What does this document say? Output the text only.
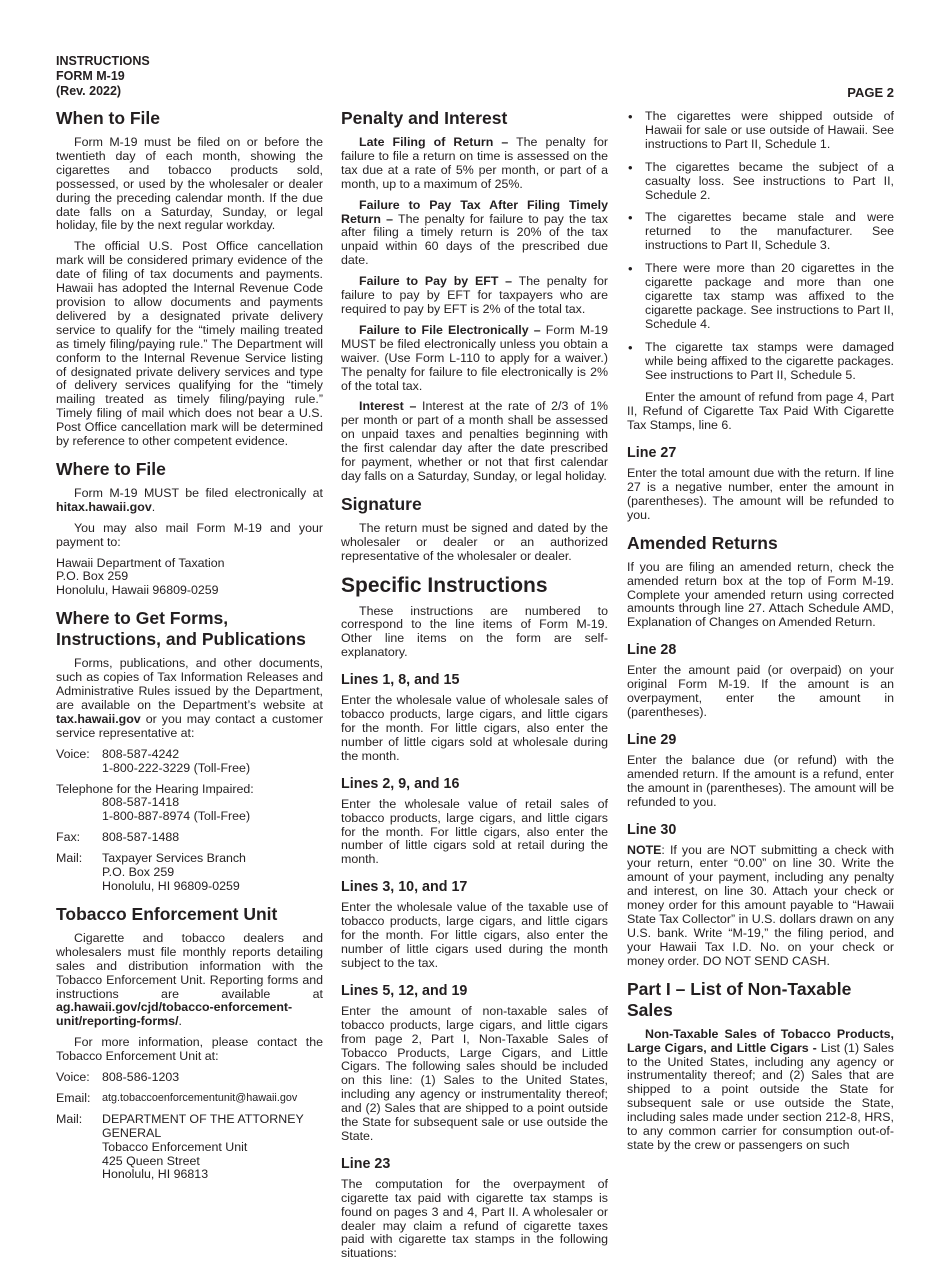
INSTRUCTIONS
FORM M-19
(Rev. 2022)	PAGE 2
When to File

Form M-19 must be filed on or before the twentieth day of each month, showing the cigarettes and tobacco products sold, possessed, or used by the wholesaler or dealer during the preceding calendar month. If the due date falls on a Saturday, Sunday, or legal holiday, file by the next regular workday.

The official U.S. Post Office cancellation mark will be considered primary evidence of the date of filing of tax documents and payments. Hawaii has adopted the Internal Revenue Code provision to allow documents and payments delivered by a designated private delivery service to qualify for the “timely mailing treated as timely filing/paying rule.” The Department will conform to the Internal Revenue Service listing of designated private delivery services and type of delivery services qualifying for the “timely mailing treated as timely filing/paying rule.” Timely filing of mail which does not bear a U.S. Post Office cancellation mark will be determined by reference to other competent evidence.

Where to File

Form M-19 MUST be filed electronically at hitax.hawaii.gov.

You may also mail Form M-19 and your payment to:

Hawaii Department of Taxation

P.O. Box 259

Honolulu, Hawaii 96809-0259

Where to Get Forms, Instructions, and Publications

Forms, publications, and other documents, such as copies of Tax Information Releases and Administrative Rules issued by the Department, are available on the Department’s website at tax.hawaii.gov or you may contact a customer service representative at:

Voice:	808-587-4242
	1-800-222-3229 (Toll-Free)
Telephone for the Hearing Impaired:	
	808-587-1418
	1-800-887-8974 (Toll-Free)
Fax:	808-587-1488
Mail:	Taxpayer Services Branch
	P.O. Box 259
	Honolulu, HI 96809-0259
Tobacco Enforcement Unit

Cigarette and tobacco dealers and wholesalers must file monthly reports detailing sales and distribution information with the Tobacco Enforcement Unit. Reporting forms and instructions are available at ag.hawaii.gov/cjd/tobacco-enforcement-unit/reporting-forms/.

For more information, please contact the Tobacco Enforcement Unit at:

Voice:	808-586-1203
Email:	atg.tobaccoenforcementunit@hawaii.gov
Mail:	DEPARTMENT OF THE ATTORNEY GENERAL
	Tobacco Enforcement Unit
	425 Queen Street
	Honolulu, HI 96813
Penalty and Interest

Late Filing of Return – The penalty for failure to file a return on time is assessed on the tax due at a rate of 5% per month, or part of a month, up to a maximum of 25%.

Failure to Pay Tax After Filing Timely Return – The penalty for failure to pay the tax after filing a timely return is 20% of the tax unpaid within 60 days of the prescribed due date.

Failure to Pay by EFT – The penalty for failure to pay by EFT for taxpayers who are required to pay by EFT is 2% of the total tax.

Failure to File Electronically – Form M-19 MUST be filed electronically unless you obtain a waiver. (Use Form L-110 to apply for a waiver.) The penalty for failure to file electronically is 2% of the total tax.

Interest – Interest at the rate of 2/3 of 1% per month or part of a month shall be assessed on unpaid taxes and penalties beginning with the first calendar day after the date prescribed for payment, whether or not that first calendar day falls on a Saturday, Sunday, or legal holiday.

Signature

The return must be signed and dated by the wholesaler or dealer or an authorized representative of the wholesaler or dealer.

Specific Instructions

These instructions are numbered to correspond to the line items of Form M-19. Other line items on the form are self-explanatory.

Lines 1, 8, and 15

Enter the wholesale value of wholesale sales of tobacco products, large cigars, and little cigars for the month. For little cigars, also enter the number of little cigars sold at wholesale during the month.

Lines 2, 9, and 16

Enter the wholesale value of retail sales of tobacco products, large cigars, and little cigars for the month. For little cigars, also enter the number of little cigars sold at retail during the month.

Lines 3, 10, and 17

Enter the wholesale value of the taxable use of tobacco products, large cigars, and little cigars for the month. For little cigars, also enter the number of little cigars used during the month subject to the tax.

Lines 5, 12, and 19

Enter the amount of non-taxable sales of tobacco products, large cigars, and little cigars from page 2, Part I, Non-Taxable Sales of Tobacco Products, Large Cigars, and Little Cigars. The following sales should be included on this line: (1) Sales to the United States, including any agency or instrumentality thereof; and (2) Sales that are shipped to a point outside the State for subsequent sale or use outside the State.

Line 23

The computation for the overpayment of cigarette tax paid with cigarette tax stamps is found on pages 3 and 4, Part II. A wholesaler or dealer may claim a refund of cigarette taxes paid with cigarette tax stamps in the following situations:

• The cigarettes were shipped outside of Hawaii for sale or use outside of Hawaii. See instructions to Part II, Schedule 1.
• The cigarettes became the subject of a casualty loss. See instructions to Part II, Schedule 2.
• The cigarettes became stale and were returned to the manufacturer. See instructions to Part II, Schedule 3.
• There were more than 20 cigarettes in the cigarette package and more than one cigarette tax stamp was affixed to the cigarette package. See instructions to Part II, Schedule 4.
• The cigarette tax stamps were damaged while being affixed to the cigarette packages. See instructions to Part II, Schedule 5.

Enter the amount of refund from page 4, Part II, Refund of Cigarette Tax Paid With Cigarette Tax Stamps, line 6.

Line 27

Enter the total amount due with the return. If line 27 is a negative number, enter the amount in (parentheses). The amount will be refunded to you.

Amended Returns

If you are filing an amended return, check the amended return box at the top of Form M-19. Complete your amended return using corrected amounts through line 27. Attach Schedule AMD, Explanation of Changes on Amended Return.

Line 28

Enter the amount paid (or overpaid) on your original Form M-19. If the amount is an overpayment, enter the amount in (parentheses).

Line 29

Enter the balance due (or refund) with the amended return. If the amount is a refund, enter the amount in (parentheses). The amount will be refunded to you.

Line 30

NOTE: If you are NOT submitting a check with your return, enter “0.00” on line 30. Write the amount of your payment, including any penalty and interest, on line 30. Attach your check or money order for this amount payable to “Hawaii State Tax Collector” in U.S. dollars drawn on any U.S. bank. Write “M-19,” the filing period, and your Hawaii Tax I.D. No. on your check or money order. DO NOT SEND CASH.

Part I – List of Non-Taxable Sales

Non-Taxable Sales of Tobacco Products, Large Cigars, and Little Cigars - List (1) Sales to the United States, including any agency or instrumentality thereof; and (2) Sales that are shipped to a point outside the State for subsequent sale or use outside the State, including sales made under section 212-8, HRS, to any common carrier for consumption out-of-state by the crew or passengers on such
